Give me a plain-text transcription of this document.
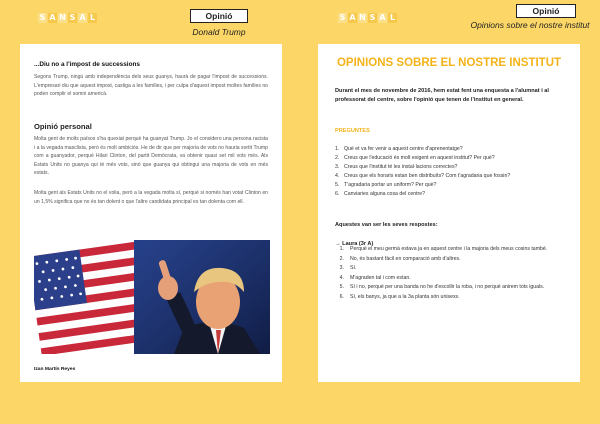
S A N S A L	Opinió
Donald Trump
...Diu no a l'impost de successions

Segons Trump, ningú amb independència dels seus guanys, haurà de pagar l'impost de successions. L'empresari diu que aquest impost, castiga a les famílies, i per culpa d'aquest impost moltes famílies no poden complir el somni americà.

Opinió personal

Molta gent de molts països s'ha quexiat perquè ha guanyat Trump. Jo el considero una persona racista i a la vegada masclista, però és molt ambiciós. He de dir que per majoria de vots no hauria sortit Trump com a guanyador, perquè Hilari Clinton, del partit Demòcrata, va obtenir quasi set mil vots més. Als Estats Units no guanya qui té més vots, sinó que guanya qui obtingui una majoria de vots en més estats.

Molta gent als Estats Units no el volia, però a la vegada molta sí, perquè si només han votat Clinton en un 1,5% significa que no és tan dolent o que l'altre candidata principal es tan dolenta com ell.

Izan Martín Reyes
S A N S A L
Opinió
Opinions sobre el nostre institut
OPINIONS SOBRE EL NOSTRE INSTITUT

Durant el mes de novembre de 2016, hem estat fent una enquesta a l'alumnat i al professorat del centre, sobre l'opinió que tenen de l'institut en general.

PREGUNTES
1. Què et va fer venir a aquest centre d'aprenentatge?
2. Creus que l'educació és molt exigent en aquest institut? Per què?
3. Creus que l'institut té les instal·lacions correctes?
4. Creus que els horaris estan ben distribuïts? Com t'agradaria que fossin?
5. T'agradaria portar un uniform? Per què?
6. Canviaries alguna cosa del centre?
Aquestes van ser les seves respostes:
→ Laura (3r A)
1.	Perquè el meu germà estava ja en aquest centre i la majoria dels meus cosins també.
2.	No, és bastant fàcil en comparació amb d'altres.
3.	Sí.
4.	M'agraden tal i com estan.
5.	Sí i no, perquè per una banda no he d'escollir la roba, i no perquè anirem tots iguals.
6.	Sí, els banys, ja que a la 3a planta són unisexs.
